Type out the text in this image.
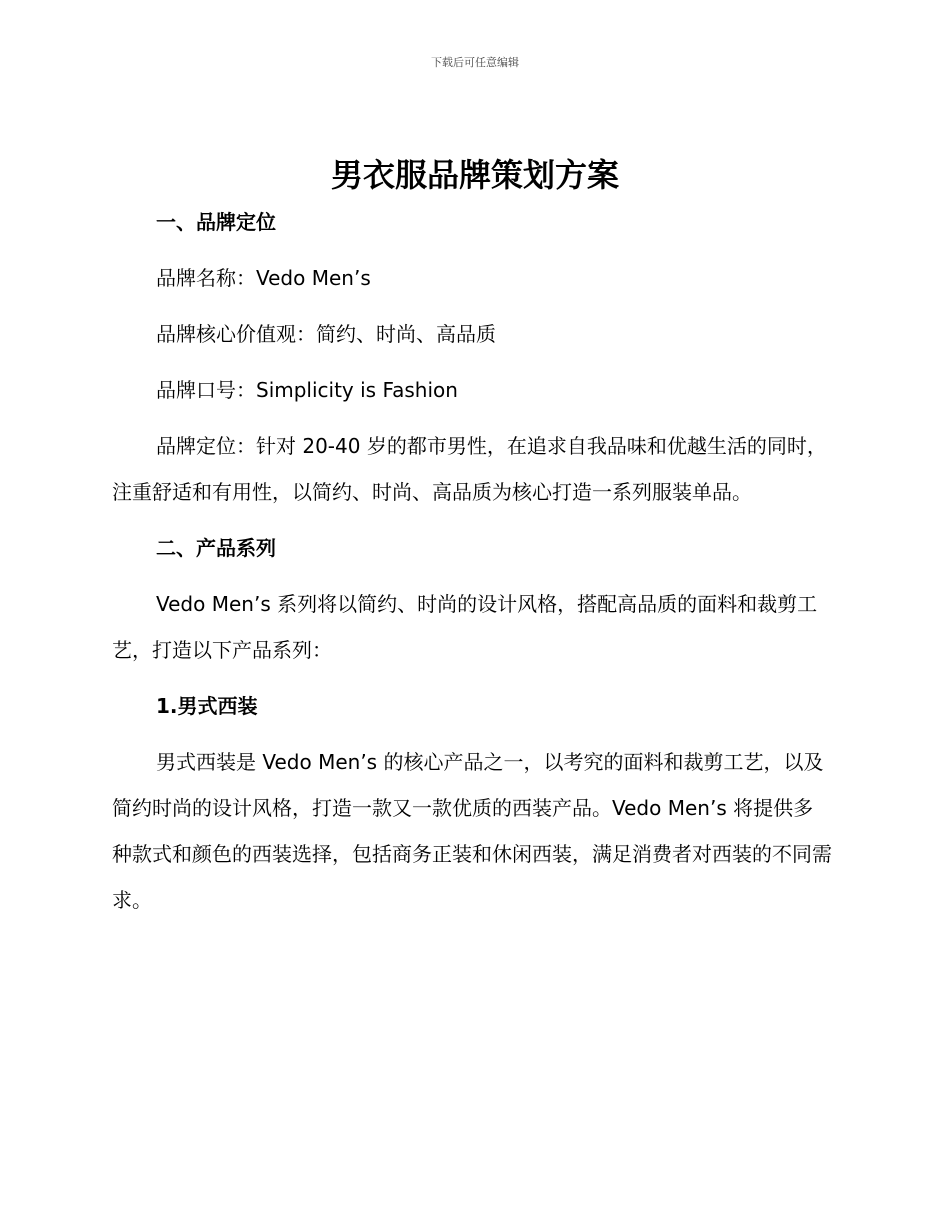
下载后可任意编辑
男衣服品牌策划方案

一、品牌定位

品牌名称：Vedo Men’s

品牌核心价值观：简约、时尚、高品质

品牌口号：Simplicity is Fashion

品牌定位：针对 20-40 岁的都市男性，在追求自我品味和优越生活的同时，注重舒适和有用性，以简约、时尚、高品质为核心打造一系列服装单品。

二、产品系列

Vedo Men’s 系列将以简约、时尚的设计风格，搭配高品质的面料和裁剪工艺，打造以下产品系列：

1.男式西装

男式西装是 Vedo Men’s 的核心产品之一，以考究的面料和裁剪工艺，以及简约时尚的设计风格，打造一款又一款优质的西装产品。Vedo Men’s 将提供多种款式和颜色的西装选择，包括商务正装和休闲西装，满足消费者对西装的不同需求。
